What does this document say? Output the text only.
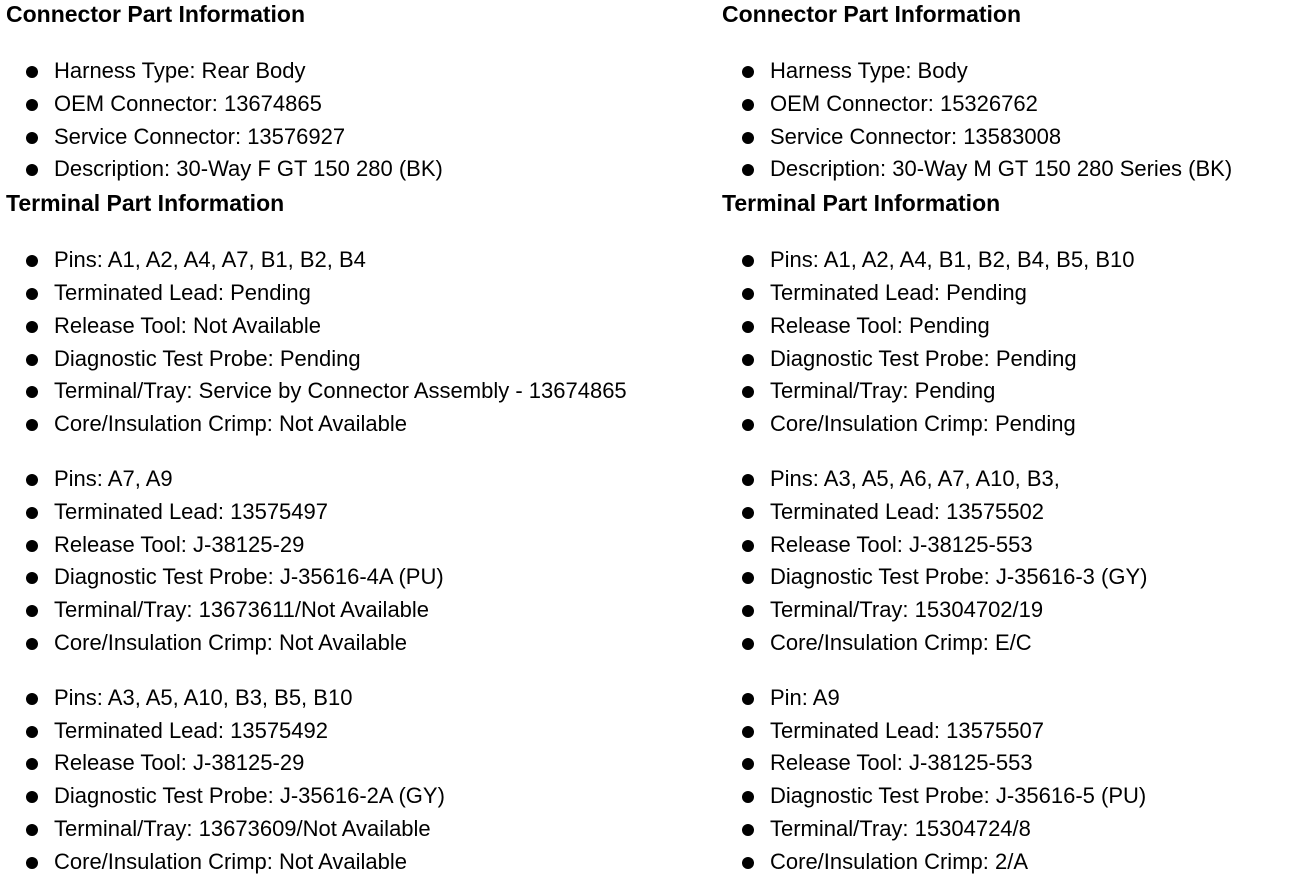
Connector Part Information
Harness Type: Rear Body
OEM Connector: 13674865
Service Connector: 13576927
Description: 30-Way F GT 150 280 (BK)
Terminal Part Information
Pins: A1, A2, A4, A7, B1, B2, B4
Terminated Lead: Pending
Release Tool: Not Available
Diagnostic Test Probe: Pending
Terminal/Tray: Service by Connector Assembly - 13674865
Core/Insulation Crimp: Not Available
Pins: A7, A9
Terminated Lead: 13575497
Release Tool: J-38125-29
Diagnostic Test Probe: J-35616-4A (PU)
Terminal/Tray: 13673611/Not Available
Core/Insulation Crimp: Not Available
Pins: A3, A5, A10, B3, B5, B10
Terminated Lead: 13575492
Release Tool: J-38125-29
Diagnostic Test Probe: J-35616-2A (GY)
Terminal/Tray: 13673609/Not Available
Core/Insulation Crimp: Not Available
Connector Part Information
Harness Type: Body
OEM Connector: 15326762
Service Connector: 13583008
Description: 30-Way M GT 150 280 Series (BK)
Terminal Part Information
Pins: A1, A2, A4, B1, B2, B4, B5, B10
Terminated Lead: Pending
Release Tool: Pending
Diagnostic Test Probe: Pending
Terminal/Tray: Pending
Core/Insulation Crimp: Pending
Pins: A3, A5, A6, A7, A10, B3,
Terminated Lead: 13575502
Release Tool: J-38125-553
Diagnostic Test Probe: J-35616-3 (GY)
Terminal/Tray: 15304702/19
Core/Insulation Crimp: E/C
Pin: A9
Terminated Lead: 13575507
Release Tool: J-38125-553
Diagnostic Test Probe: J-35616-5 (PU)
Terminal/Tray: 15304724/8
Core/Insulation Crimp: 2/A
